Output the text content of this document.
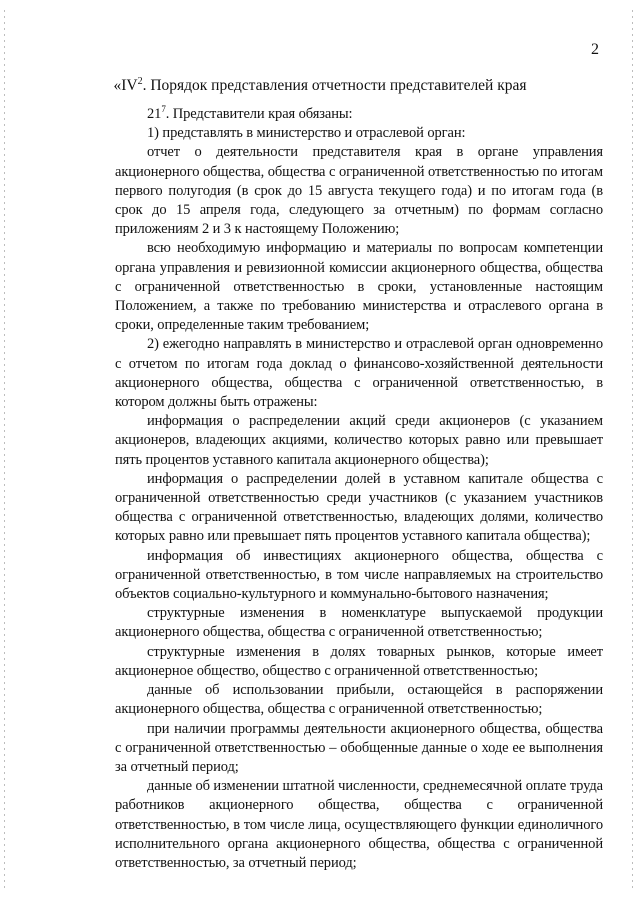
2
«$IV^2$. Порядок представления отчетности представителей края

$21^7$. Представители края обязаны:

1) представлять в министерство и отраслевой орган:

отчет о деятельности представителя края в органе управления акционерного общества, общества с ограниченной ответственностью по итогам первого полугодия (в срок до 15 августа текущего года) и по итогам года (в срок до 15 апреля года, следующего за отчетным) по формам согласно приложениям 2 и 3 к настоящему Положению;

всю необходимую информацию и материалы по вопросам компетенции органа управления и ревизионной комиссии акционерного общества, общества с ограниченной ответственностью в сроки, установленные настоящим Положением, а также по требованию министерства и отраслевого органа в сроки, определенные таким требованием;

2) ежегодно направлять в министерство и отраслевой орган одновременно с отчетом по итогам года доклад о финансово-хозяйственной деятельности акционерного общества, общества с ограниченной ответственностью, в котором должны быть отражены:

информация о распределении акций среди акционеров (с указанием акционеров, владеющих акциями, количество которых равно или превышает пять процентов уставного капитала акционерного общества);

информация о распределении долей в уставном капитале общества с ограниченной ответственностью среди участников (с указанием участников общества с ограниченной ответственностью, владеющих долями, количество которых равно или превышает пять процентов уставного капитала общества);

информация об инвестициях акционерного общества, общества с ограниченной ответственностью, в том числе направляемых на строительство объектов социально-культурного и коммунально-бытового назначения;

структурные изменения в номенклатуре выпускаемой продукции акционерного общества, общества с ограниченной ответственностью;

структурные изменения в долях товарных рынков, которые имеет акционерное общество, общество с ограниченной ответственностью;

данные об использовании прибыли, остающейся в распоряжении акционерного общества, общества с ограниченной ответственностью;

при наличии программы деятельности акционерного общества, общества с ограниченной ответственностью – обобщенные данные о ходе ее выполнения за отчетный период;

данные об изменении штатной численности, среднемесячной оплате труда работников акционерного общества, общества с ограниченной ответственностью, в том числе лица, осуществляющего функции единоличного исполнительного органа акционерного общества, общества с ограниченной ответственностью, за отчетный период;
